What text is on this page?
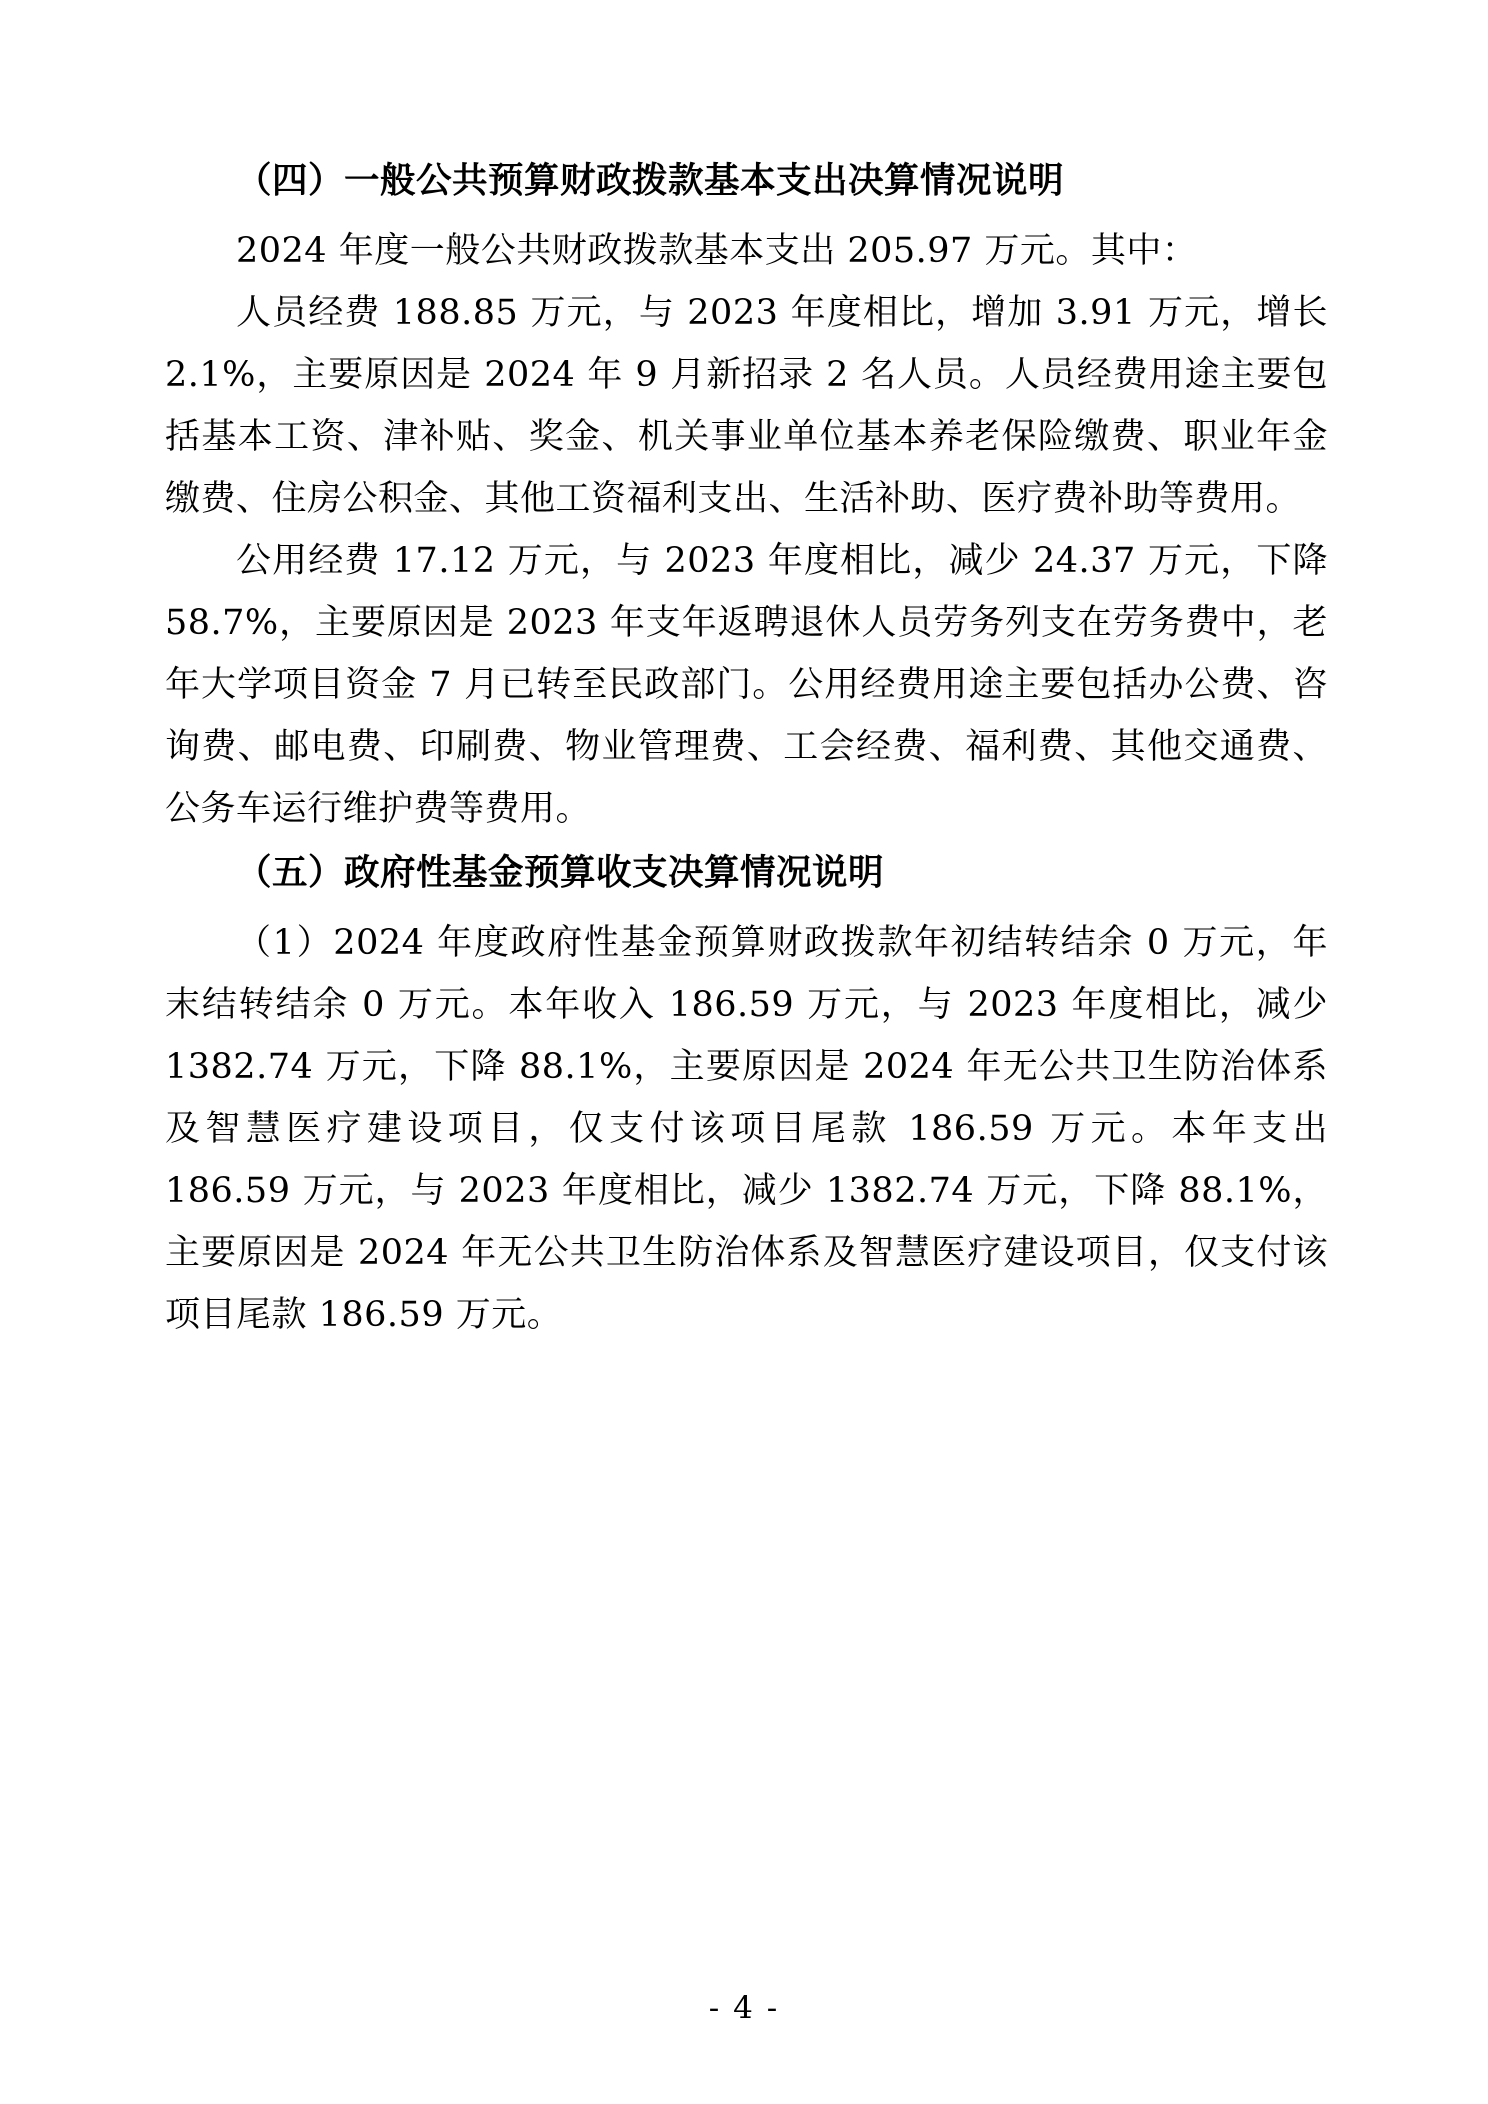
（四）一般公共预算财政拨款基本支出决算情况说明

2024 年度一般公共财政拨款基本支出 205.97 万元。其中：

人员经费 188.85 万元，与 2023 年度相比，增加 3.91 万元，增长 2.1%，主要原因是 2024 年 9 月新招录 2 名人员。人员经费用途主要包括基本工资、津补贴、奖金、机关事业单位基本养老保险缴费、职业年金缴费、住房公积金、其他工资福利支出、生活补助、医疗费补助等费用。

公用经费 17.12 万元，与 2023 年度相比，减少 24.37 万元，下降 58.7%，主要原因是 2023 年支年返聘退休人员劳务列支在劳务费中，老年大学项目资金 7 月已转至民政部门。公用经费用途主要包括办公费、咨询费、邮电费、印刷费、物业管理费、工会经费、福利费、其他交通费、公务车运行维护费等费用。

（五）政府性基金预算收支决算情况说明

（1）2024 年度政府性基金预算财政拨款年初结转结余 0 万元，年末结转结余 0 万元。本年收入 186.59 万元，与 2023 年度相比，减少 1382.74 万元，下降 88.1%，主要原因是 2024 年无公共卫生防治体系及智慧医疗建设项目，仅支付该项目尾款 186.59 万元。本年支出 186.59 万元，与 2023 年度相比，减少 1382.74 万元，下降 88.1%，主要原因是 2024 年无公共卫生防治体系及智慧医疗建设项目，仅支付该项目尾款 186.59 万元。

- 4 -
